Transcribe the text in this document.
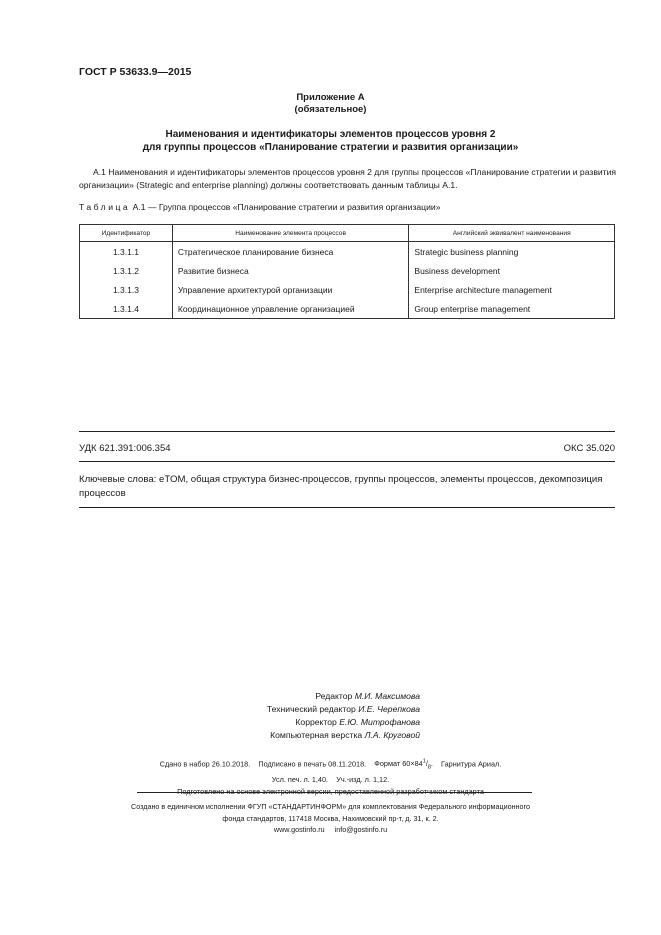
ГОСТ Р 53633.9—2015
Приложение А
(обязательное)
Наименования и идентификаторы элементов процессов уровня 2
для группы процессов «Планирование стратегии и развития организации»
А.1 Наименования и идентификаторы элементов процессов уровня 2 для группы процессов «Планирование стратегии и развития организации» (Strategic and enterprise planning) должны соответствовать данным таблицы А.1.
Таблица А.1 — Группа процессов «Планирование стратегии и развития организации»
Идентификатор	Наименование элемента процессов	Английский эквивалент наименования
1.3.1.1	Стратегическое планирование бизнеса	Strategic business planning
1.3.1.2	Развитие бизнеса	Business development
1.3.1.3	Управление архитектурой организации	Enterprise architecture management
1.3.1.4	Координационное управление организацией	Group enterprise management
УДК 621.391:006.354	ОКС 35.020
Ключевые слова: eTOM, общая структура бизнес-процессов, группы процессов, элементы процессов, декомпозиция процессов
Редактор М.И. Максимова
Технический редактор И.Е. Черепкова
Корректор Е.Ю. Митрофанова
Компьютерная верстка Л.А. Круговой
Сдано в набор 26.10.2018. Подписано в печать 08.11.2018. Формат $60\times 84^1/_8$. Гарнитура Ариал.
Усл. печ. л. 1,40. Уч.-изд. л. 1,12.
Подготовлено на основе электронной версии, предоставленной разработчиком стандарта
Создано в единичном исполнении ФГУП «СТАНДАРТИНФОРМ» для комплектования Федерального информационного
фонда стандартов, 117418 Москва, Нахимовский пр-т, д. 31, к. 2.
www.gostinfo.ru info@gostinfo.ru
